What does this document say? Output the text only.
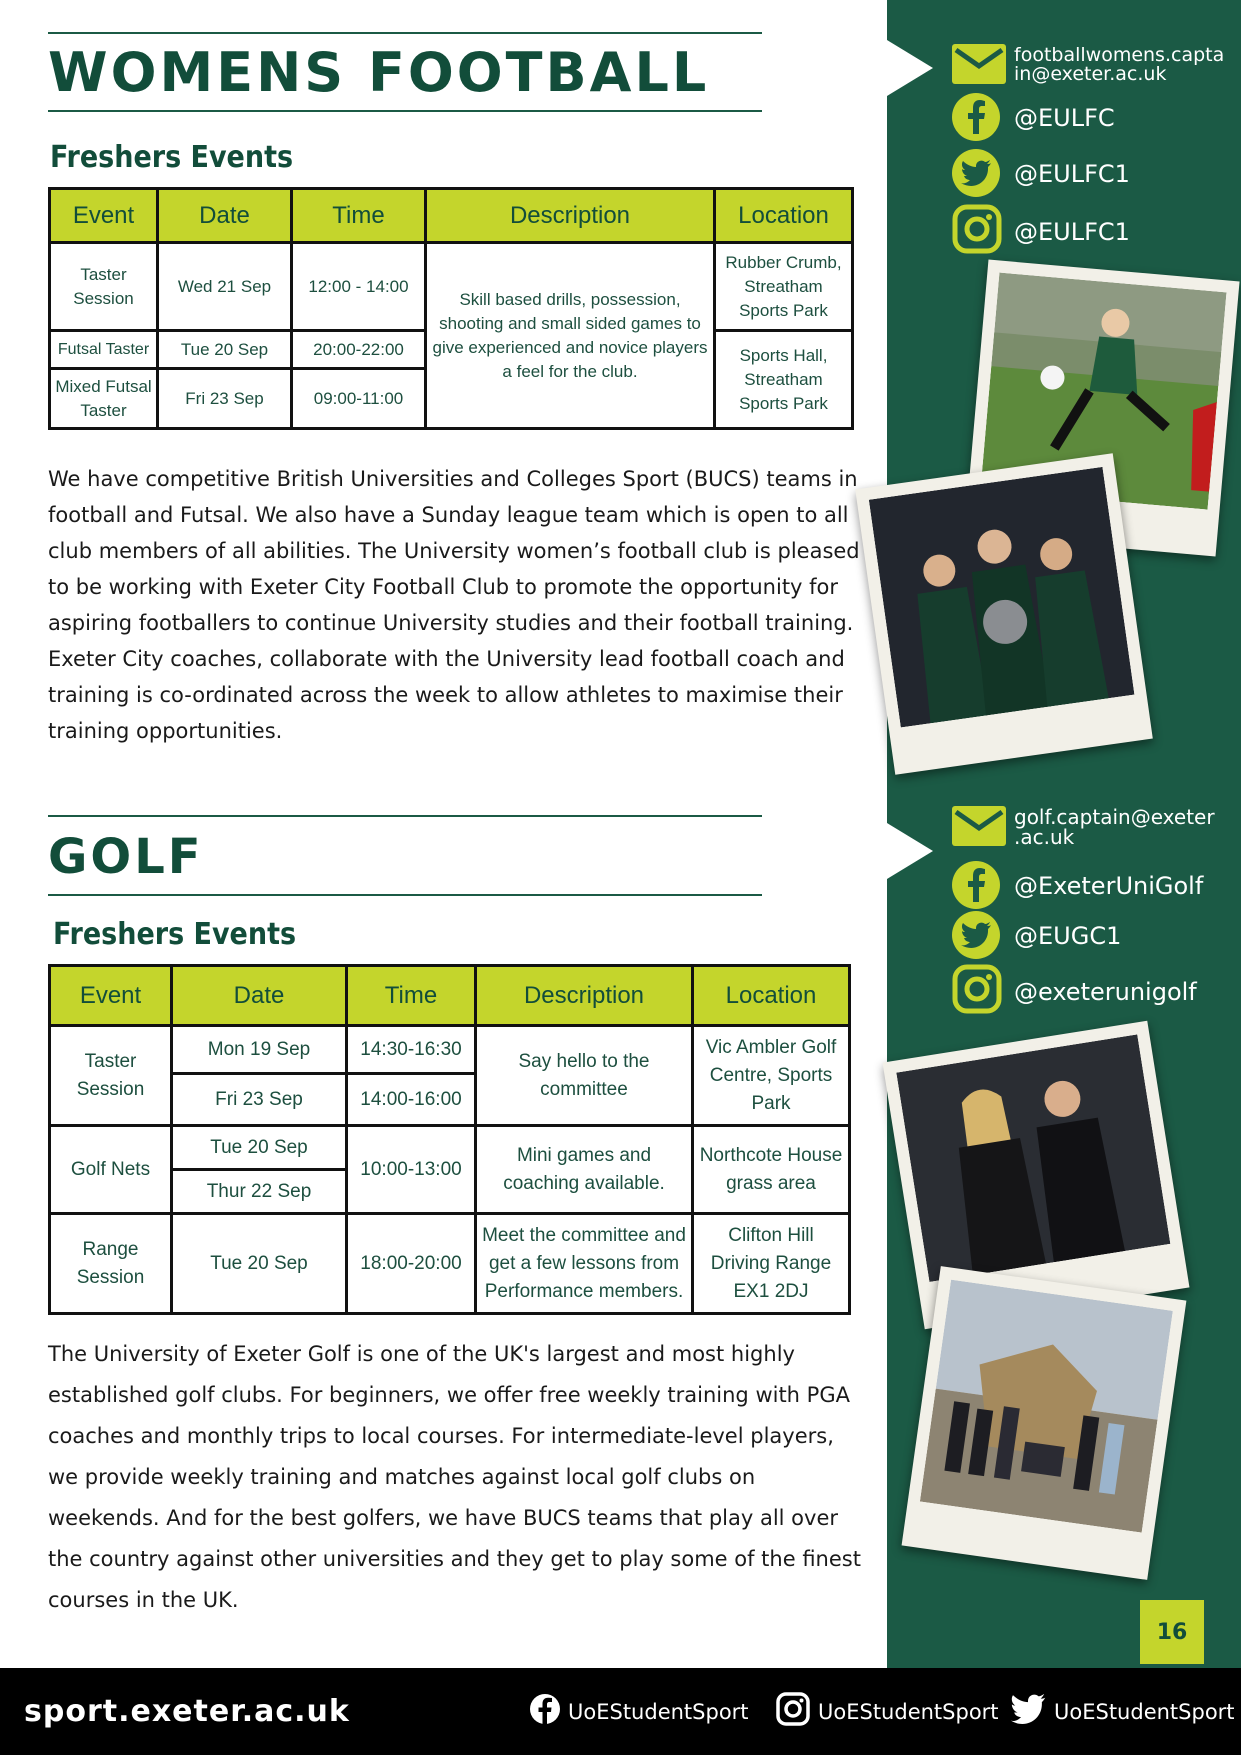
WOMENS FOOTBALL
Freshers Events
Event	Date	Time	Description	Location
Taster Session	Wed 21 Sep	12:00 - 14:00	Skill based drills, possession, shooting and small sided games to give experienced and novice players a feel for the club.	Rubber Crumb, Streatham Sports Park
Futsal Taster	Tue 20 Sep	20:00-22:00		Sports Hall, Streatham Sports Park
Mixed Futsal Taster	Fri 23 Sep	09:00-11:00		

We have competitive British Universities and Colleges Sport (BUCS) teams in football and Futsal. We also have a Sunday league team which is open to all club members of all abilities. The University women’s football club is pleased to be working with Exeter City Football Club to promote the opportunity for aspiring footballers to continue University studies and their football training. Exeter City coaches, collaborate with the University lead football coach and training is co-ordinated across the week to allow athletes to maximise their training opportunities.

footballwomens.capta
in@exeter.ac.uk
@EULFC
@EULFC1
@EULFC1
GOLF
Freshers Events
Event	Date	Time	Description	Location
Taster Session	Mon 19 Sep	14:30-16:30	Say hello to the committee	Vic Ambler Golf Centre, Sports Park
	Fri 23 Sep	14:00-16:00		
Golf Nets	Tue 20 Sep	10:00-13:00	Mini games and coaching available.	Northcote House grass area
	Thur 22 Sep			
Range Session	Tue 20 Sep	18:00-20:00	Meet the committee and get a few lessons from Performance members.	Clifton Hill Driving Range EX1 2DJ

The University of Exeter Golf is one of the UK's largest and most highly established golf clubs. For beginners, we offer free weekly training with PGA coaches and monthly trips to local courses. For intermediate-level players, we provide weekly training and matches against local golf clubs on weekends. And for the best golfers, we have BUCS teams that play all over the country against other universities and they get to play some of the finest courses in the UK.

golf.captain@exeter
.ac.uk
@ExeterUniGolf
@EUGC1
@exeterunigolf
16
sport.exeter.ac.uk	UoEStudentSport	UoEStudentSport	UoEStudentSport
